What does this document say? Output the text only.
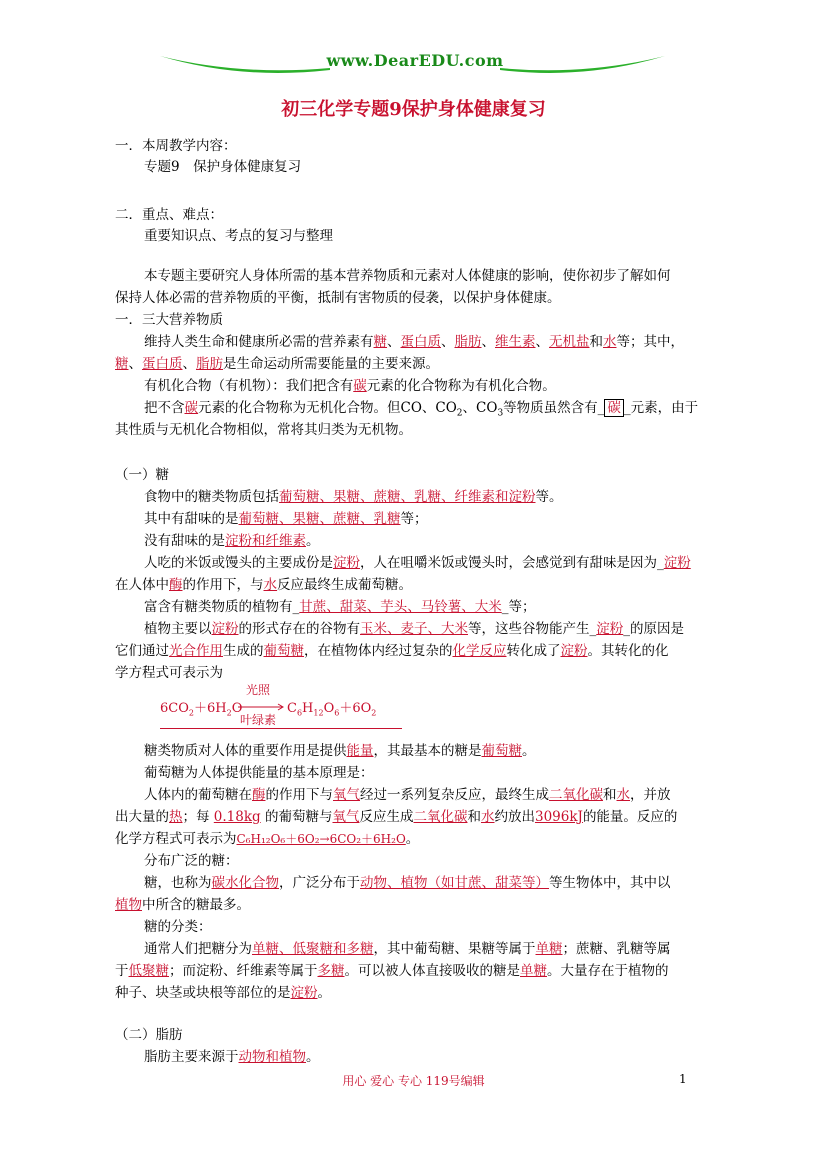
www.DearEDU.com
初三化学专题9保护身体健康复习
一．本周教学内容：
专题9　保护身体健康复习
二．重点、难点：
重要知识点、考点的复习与整理
本专题主要研究人身体所需的基本营养物质和元素对人体健康的影响，使你初步了解如何
保持人体必需的营养物质的平衡，抵制有害物质的侵袭，以保护身体健康。
一．三大营养物质
维持人类生命和健康所必需的营养素有糖、蛋白质、脂肪、维生素、无机盐和水等；其中，
糖、蛋白质、脂肪是生命运动所需要能量的主要来源。
有机化合物（有机物）：我们把含有碳元素的化合物称为有机化合物。
把不含碳元素的化合物称为无机化合物。但CO、$CO_2$、$CO_3$等物质虽然含有_ 碳 _元素，由于
其性质与无机化合物相似，常将其归类为无机物。
（一）糖
食物中的糖类物质包括葡萄糖、果糖、蔗糖、乳糖、纤维素和淀粉等。
其中有甜味的是葡萄糖、果糖、蔗糖、乳糖等；
没有甜味的是淀粉和纤维素。
人吃的米饭或馒头的主要成份是淀粉，人在咀嚼米饭或馒头时，会感觉到有甜味是因为_淀粉
在人体中酶的作用下，与水反应最终生成葡萄糖。
富含有糖类物质的植物有_甘蔗、甜菜、芋头、马铃薯、大米_等；
植物主要以淀粉的形式存在的谷物有玉米、麦子、大米等，这些谷物能产生_淀粉_的原因是
它们通过光合作用生成的葡萄糖，在植物体内经过复杂的化学反应转化成了淀粉。其转化的化
学方程式可表示为
$6CO_2+6H_2O$
光照
叶绿素
$C_6H_{12}O_6+6O_2$
糖类物质对人体的重要作用是提供能量，其最基本的糖是葡萄糖。
葡萄糖为人体提供能量的基本原理是：
人体内的葡萄糖在酶的作用下与氧气经过一系列复杂反应，最终生成二氧化碳和水，并放
出大量的热；每 0.18kg 的葡萄糖与氧气反应生成二氧化碳和水约放出3096kJ的能量。反应的
化学方程式可表示为C₆H₁₂O₆＋6O₂→6CO₂＋6H₂O。
分布广泛的糖：
糖，也称为碳水化合物，广泛分布于动物、植物（如甘蔗、甜菜等）等生物体中，其中以
植物中所含的糖最多。
糖的分类：
通常人们把糖分为单糖、低聚糖和多糖，其中葡萄糖、果糖等属于单糖；蔗糖、乳糖等属
于低聚糖；而淀粉、纤维素等属于多糖。可以被人体直接吸收的糖是单糖。大量存在于植物的
种子、块茎或块根等部位的是淀粉。
（二）脂肪
脂肪主要来源于动物和植物。
用心 爱心 专心 119号编辑	1
